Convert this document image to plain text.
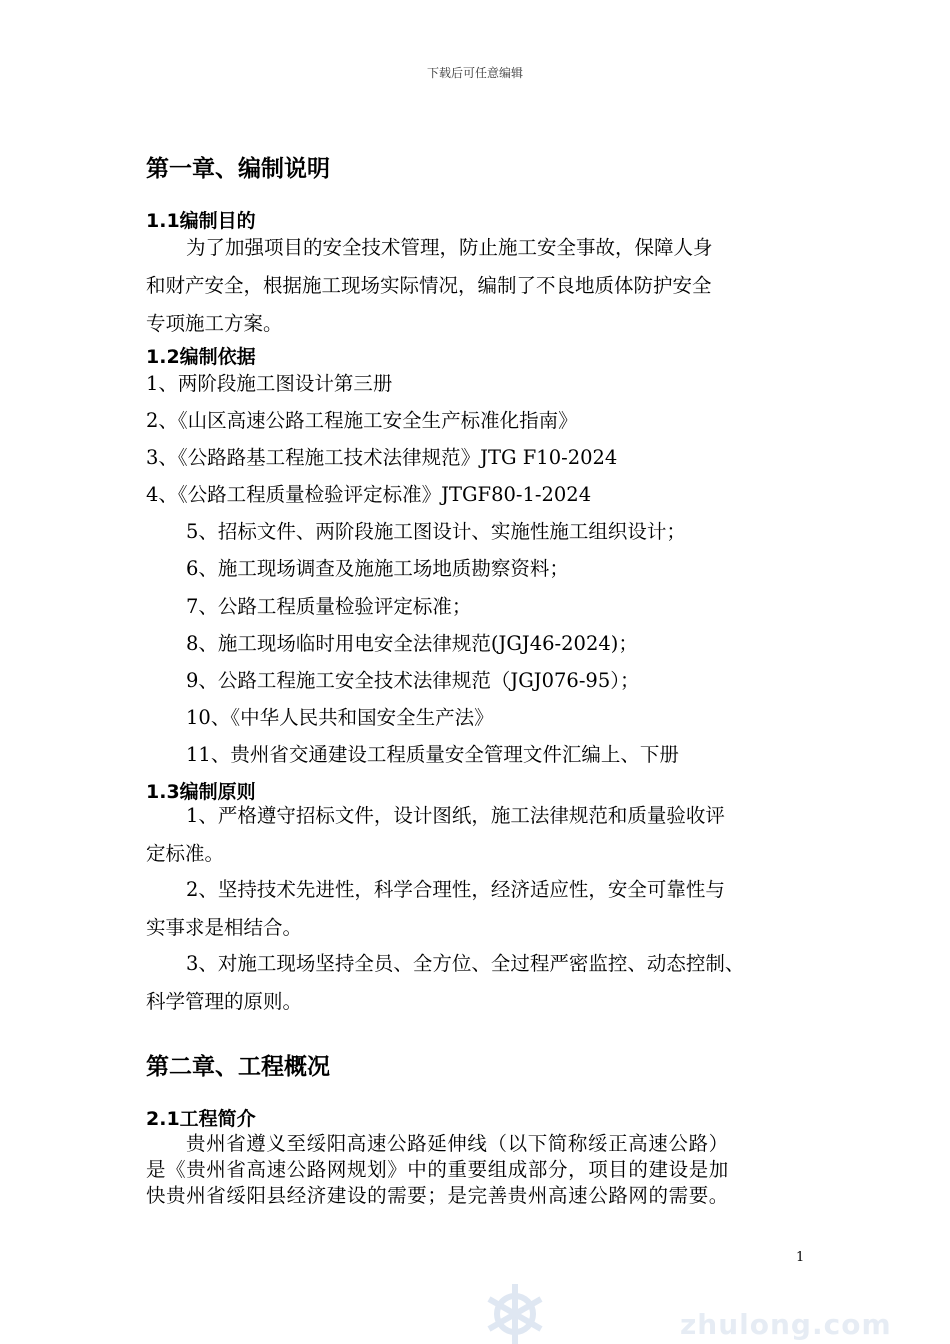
下载后可任意编辑
第一章、编制说明
1.1编制目的
为了加强项目的安全技术管理，防止施工安全事故，保障人身
和财产安全，根据施工现场实际情况，编制了不良地质体防护安全
专项施工方案。
1.2编制依据
1、两阶段施工图设计第三册
2、《山区高速公路工程施工安全生产标准化指南》
3、《公路路基工程施工技术法律规范》JTG F10-2024
4、《公路工程质量检验评定标准》JTGF80-1-2024
5、招标文件、两阶段施工图设计、实施性施工组织设计；
6、施工现场调查及施施工场地质勘察资料；
7、公路工程质量检验评定标准；
8、施工现场临时用电安全法律规范(JGJ46-2024)；
9、公路工程施工安全技术法律规范（JGJ076-95）；
10、《中华人民共和国安全生产法》
11、贵州省交通建设工程质量安全管理文件汇编上、下册
1.3编制原则
1、严格遵守招标文件，设计图纸，施工法律规范和质量验收评
定标准。
2、坚持技术先进性，科学合理性，经济适应性，安全可靠性与
实事求是相结合。
3、对施工现场坚持全员、全方位、全过程严密监控、动态控制、
科学管理的原则。
第二章、工程概况
2.1工程简介
贵州省遵义至绥阳高速公路延伸线（以下简称绥正高速公路）
是《贵州省高速公路网规划》中的重要组成部分，项目的建设是加
快贵州省绥阳县经济建设的需要；是完善贵州高速公路网的需要。
1
zhulong.com
